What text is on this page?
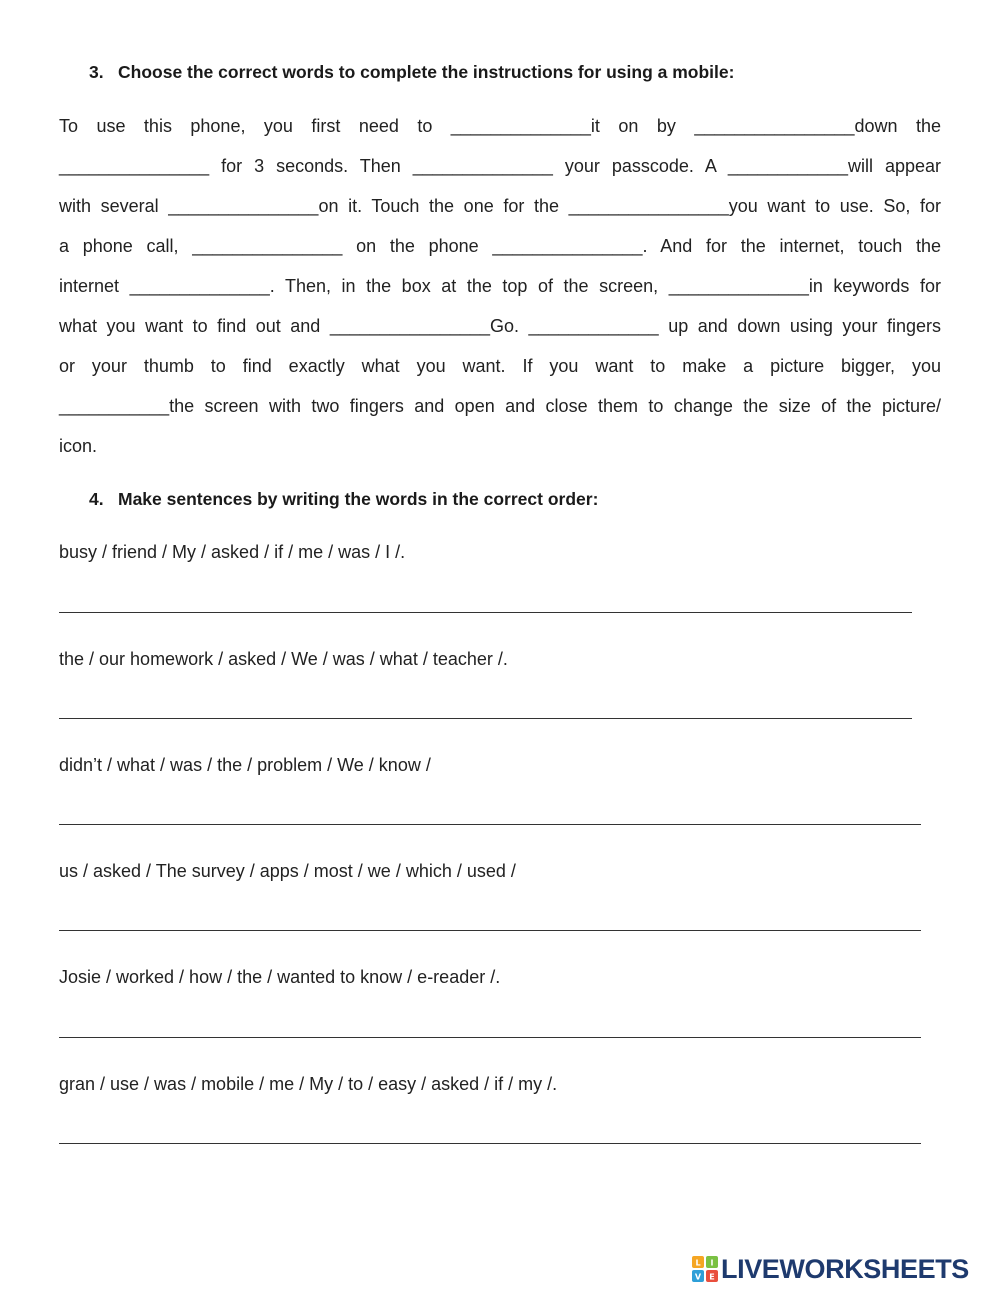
3. Choose the correct words to complete the instructions for using a mobile:
To use this phone, you first need to ______________it on by ________________down the
_______________ for 3 seconds. Then ______________ your passcode. A ____________will appear
with several _______________on it. Touch the one for the ________________you want to use. So, for
a phone call, _______________ on the phone _______________. And for the internet, touch the
internet ______________. Then, in the box at the top of the screen, ______________in keywords for
what you want to find out and ________________Go. _____________ up and down using your fingers
or your thumb to find exactly what you want. If you want to make a picture bigger, you
___________the screen with two fingers and open and close them to change the size of the picture/
icon.
4. Make sentences by writing the words in the correct order:
busy / friend / My / asked / if / me / was / I /.
the / our homework / asked / We / was / what / teacher /.
didn’t / what / was / the / problem / We / know /
us / asked / The survey / apps / most / we / which / used /
Josie / worked / how / the / wanted to know / e-reader /.
gran / use / was / mobile / me / My / to / easy / asked / if / my /.
L I
V E LIVEWORKSHEETS
